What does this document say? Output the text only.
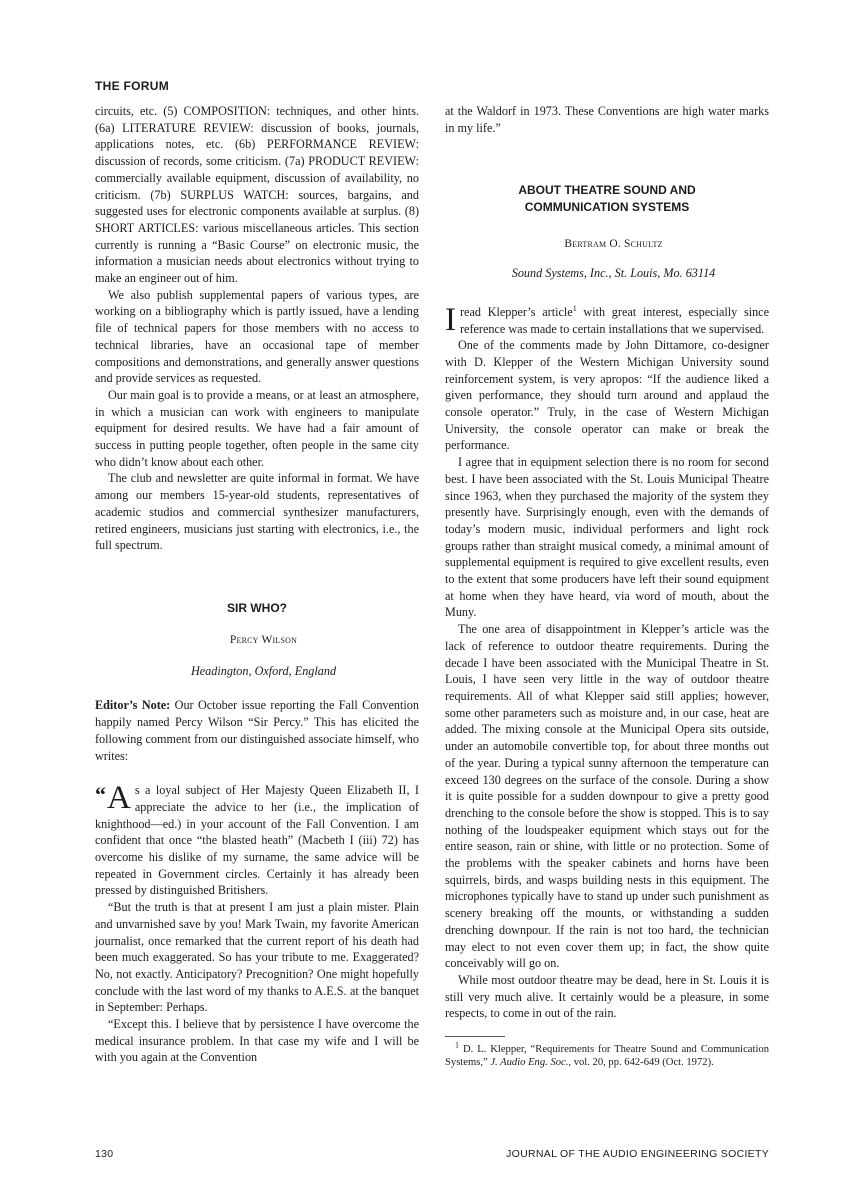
THE FORUM

circuits, etc. (5) COMPOSITION: techniques, and other hints. (6a) LITERATURE REVIEW: discussion of books, journals, applications notes, etc. (6b) PERFORMANCE REVIEW: discussion of records, some criticism. (7a) PRODUCT REVIEW: commercially available equipment, discussion of availability, no criticism. (7b) SURPLUS WATCH: sources, bargains, and suggested uses for electronic components available at surplus. (8) SHORT ARTICLES: various miscellaneous articles. This section currently is running a “Basic Course” on electronic music, the information a musician needs about electronics without trying to make an engineer out of him.

We also publish supplemental papers of various types, are working on a bibliography which is partly issued, have a lending file of technical papers for those members with no access to technical libraries, have an occasional tape of member compositions and demonstrations, and generally answer questions and provide services as requested.

Our main goal is to provide a means, or at least an atmosphere, in which a musician can work with engineers to manipulate equipment for desired results. We have had a fair amount of success in putting people together, often people in the same city who didn’t know about each other.

The club and newsletter are quite informal in format. We have among our members 15-year-old students, representatives of academic studios and commercial synthesizer manufacturers, retired engineers, musicians just starting with electronics, i.e., the full spectrum.

SIR WHO?

Percy Wilson

Headington, Oxford, England

Editor’s Note: Our October issue reporting the Fall Convention happily named Percy Wilson “Sir Percy.” This has elicited the following comment from our distinguished associate himself, who writes:

“A s a loyal subject of Her Majesty Queen Elizabeth II, I appreciate the advice to her (i.e., the implication of knighthood—ed.) in your account of the Fall Convention. I am confident that once “the blasted heath” (Macbeth I (iii) 72) has overcome his dislike of my surname, the same advice will be repeated in Government circles. Certainly it has already been pressed by distinguished Britishers.

“But the truth is that at present I am just a plain mister. Plain and unvarnished save by you! Mark Twain, my favorite American journalist, once remarked that the current report of his death had been much exaggerated. So has your tribute to me. Exaggerated? No, not exactly. Anticipatory? Precognition? One might hopefully conclude with the last word of my thanks to A.E.S. at the banquet in September: Perhaps.

“Except this. I believe that by persistence I have overcome the medical insurance problem. In that case my wife and I will be with you again at the Convention

at the Waldorf in 1973. These Conventions are high water marks in my life.”

ABOUT THEATRE SOUND AND
COMMUNICATION SYSTEMS

Bertram O. Schultz

Sound Systems, Inc., St. Louis, Mo. 63114

I read Klepper’s article$^1$ with great interest, especially since reference was made to certain installations that we supervised.

One of the comments made by John Dittamore, co-designer with D. Klepper of the Western Michigan University sound reinforcement system, is very apropos: “If the audience liked a given performance, they should turn around and applaud the console operator.” Truly, in the case of Western Michigan University, the console operator can make or break the performance.

I agree that in equipment selection there is no room for second best. I have been associated with the St. Louis Municipal Theatre since 1963, when they purchased the majority of the system they presently have. Surprisingly enough, even with the demands of today’s modern music, individual performers and light rock groups rather than straight musical comedy, a minimal amount of supplemental equipment is required to give excellent results, even to the extent that some producers have left their sound equipment at home when they have heard, via word of mouth, about the Muny.

The one area of disappointment in Klepper’s article was the lack of reference to outdoor theatre requirements. During the decade I have been associated with the Municipal Theatre in St. Louis, I have seen very little in the way of outdoor theatre requirements. All of what Klepper said still applies; however, some other parameters such as moisture and, in our case, heat are added. The mixing console at the Municipal Opera sits outside, under an automobile convertible top, for about three months out of the year. During a typical sunny afternoon the temperature can exceed 130 degrees on the surface of the console. During a show it is quite possible for a sudden downpour to give a pretty good drenching to the console before the show is stopped. This is to say nothing of the loudspeaker equipment which stays out for the entire season, rain or shine, with little or no protection. Some of the problems with the speaker cabinets and horns have been squirrels, birds, and wasps building nests in this equipment. The microphones typically have to stand up under such punishment as scenery breaking off the mounts, or withstanding a sudden drenching downpour. If the rain is not too hard, the technician may elect to not even cover them up; in fact, the show quite conceivably will go on.

While most outdoor theatre may be dead, here in St. Louis it is still very much alive. It certainly would be a pleasure, in some respects, to come in out of the rain.

$^1$ D. L. Klepper, “Requirements for Theatre Sound and Communication Systems,” J. Audio Eng. Soc., vol. 20, pp. 642-649 (Oct. 1972).

130	JOURNAL OF THE AUDIO ENGINEERING SOCIETY
